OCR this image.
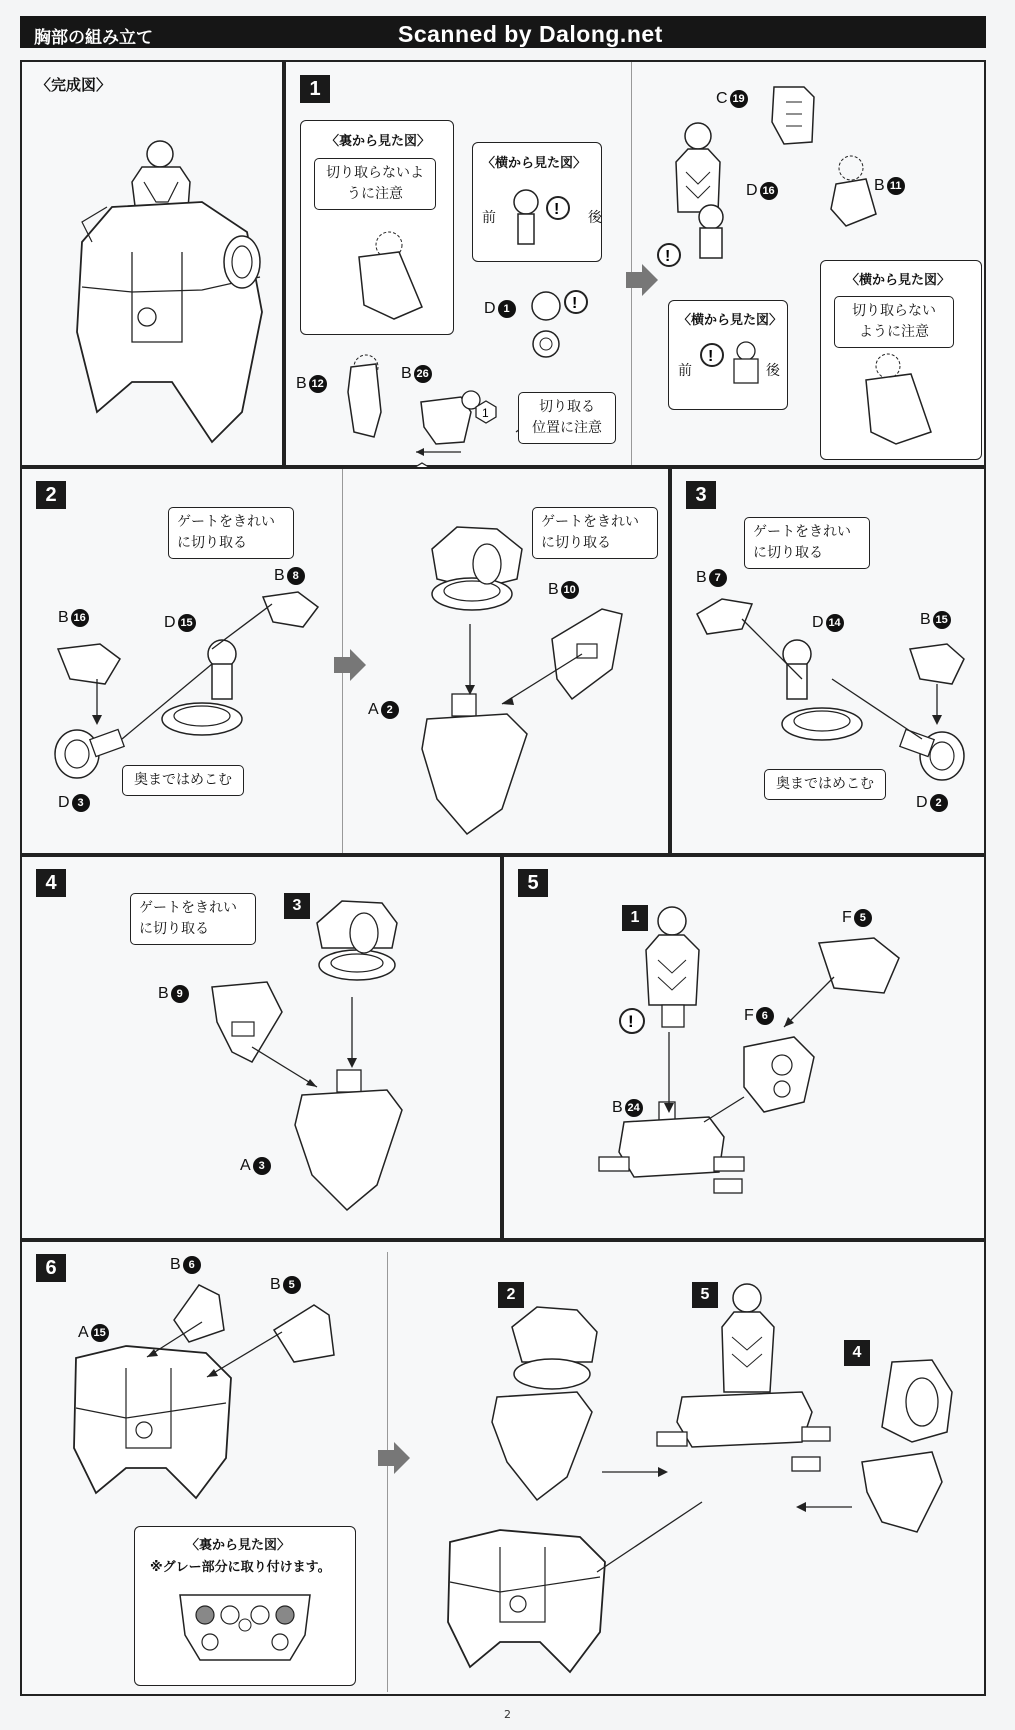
胸部の組み立て	Scanned by Dalong.net
〈完成図〉	1
〈裏から見た図〉
切り取らないように注意
〈横から見た図〉
前	後
!
D 1	!
B 12
B 26
1	切り取る
位置に注意
C 19
D 16
!
B 11
〈横から見た図〉
前	後
!
〈横から見た図〉
切り取らない
ように注意
2
ゲートをきれい
に切り取る
B 8
B 16	D 15
D 3
奥まではめこむ
ゲートをきれい
に切り取る
B 10
A 2
3
ゲートをきれい
に切り取る
B 7
D 14	B 15
D 2
奥まではめこむ
4
ゲートをきれい
に切り取る
3
B 9
A 3
5
1
!
F 5
F 6
B 24
6	B 6
B 5
A 15
〈裏から見た図〉
※グレー部分に取り付けます。
2	5
4
2
